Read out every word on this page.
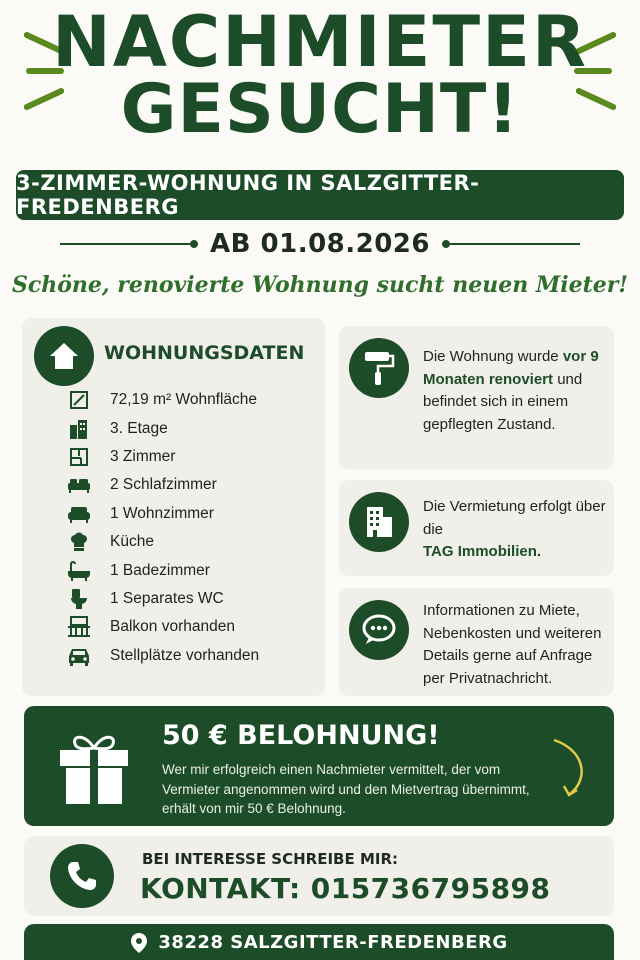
NACHMIETER
GESUCHT!
3-ZIMMER-WOHNUNG IN SALZGITTER-FREDENBERG
AB 01.08.2026
Schöne, renovierte Wohnung sucht neuen Mieter!
WOHNUNGSDATEN
72,19 m² Wohnfläche
3. Etage
3 Zimmer
2 Schlafzimmer
1 Wohnzimmer
Küche
1 Badezimmer
1 Separates WC
Balkon vorhanden
Stellplätze vorhanden
Die Wohnung wurde vor 9 Monaten renoviert und befindet sich in einem gepflegten Zustand.
Die Vermietung erfolgt über die
TAG Immobilien.
Informationen zu Miete, Nebenkosten und weiteren Details gerne auf Anfrage per Privatnachricht.
50 € BELOHNUNG!
Wer mir erfolgreich einen Nachmieter vermittelt, der vom Vermieter angenommen wird und den Mietvertrag übernimmt, erhält von mir 50 € Belohnung.
BEI INTERESSE SCHREIBE MIR:
KONTAKT: 015736795898
38228 SALZGITTER-FREDENBERG
